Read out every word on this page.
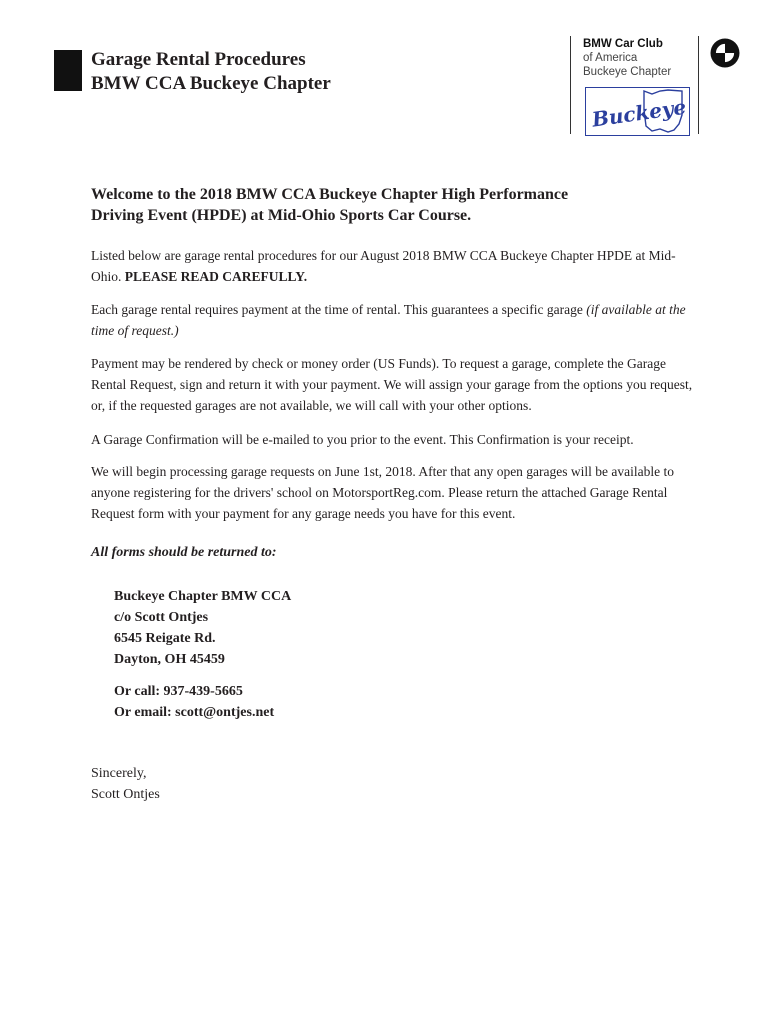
Garage Rental Procedures
BMW CCA Buckeye Chapter
BMW Car Club
of America
Buckeye Chapter
Buckeye
Welcome to the 2018 BMW CCA Buckeye Chapter High Performance
Driving Event (HPDE) at Mid-Ohio Sports Car Course.
Listed below are garage rental procedures for our August 2018 BMW CCA Buckeye Chapter HPDE at Mid-Ohio. PLEASE READ CAREFULLY.
Each garage rental requires payment at the time of rental. This guarantees a specific garage (if available at the time of request.)
Payment may be rendered by check or money order (US Funds). To request a garage, complete the Garage Rental Request, sign and return it with your payment. We will assign your garage from the options you request, or, if the requested garages are not available, we will call with your other options.
A Garage Confirmation will be e-mailed to you prior to the event. This Confirmation is your receipt.
We will begin processing garage requests on June 1st, 2018. After that any open garages will be available to anyone registering for the drivers' school on MotorsportReg.com. Please return the attached Garage Rental Request form with your payment for any garage needs you have for this event.
All forms should be returned to:
Buckeye Chapter BMW CCA
c/o Scott Ontjes
6545 Reigate Rd.
Dayton, OH 45459
Or call: 937-439-5665
Or email: scott@ontjes.net
Sincerely,
Scott Ontjes
